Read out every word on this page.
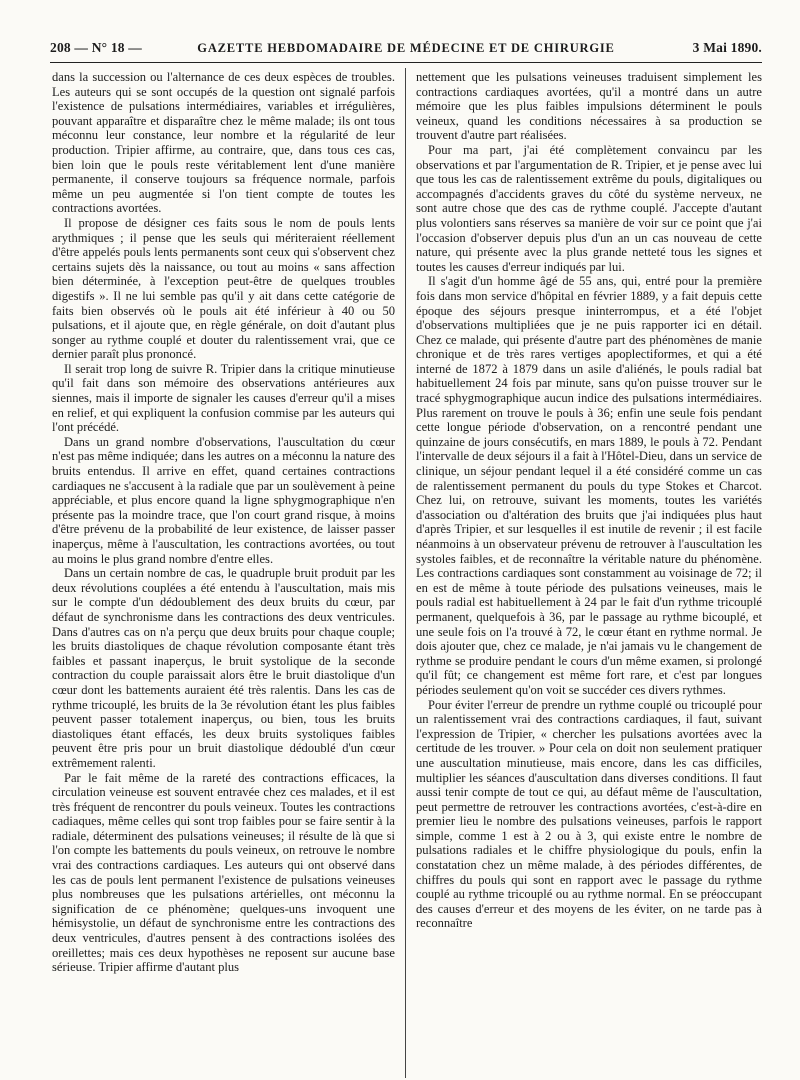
208 — N° 18 —	GAZETTE HEBDOMADAIRE DE MÉDECINE ET DE CHIRURGIE	3 Mai 1890.

dans la succession ou l'alternance de ces deux espèces de troubles. Les auteurs qui se sont occupés de la question ont signalé parfois l'existence de pulsations intermédiaires, variables et irrégulières, pouvant apparaître et disparaître chez le même malade; ils ont tous méconnu leur constance, leur nombre et la régularité de leur production. Tripier affirme, au contraire, que, dans tous ces cas, bien loin que le pouls reste véritablement lent d'une manière permanente, il conserve toujours sa fréquence normale, parfois même un peu augmentée si l'on tient compte de toutes les contractions avortées.

Il propose de désigner ces faits sous le nom de pouls lents arythmiques ; il pense que les seuls qui mériteraient réellement d'être appelés pouls lents permanents sont ceux qui s'observent chez certains sujets dès la naissance, ou tout au moins « sans affection bien déterminée, à l'exception peut-être de quelques troubles digestifs ». Il ne lui semble pas qu'il y ait dans cette catégorie de faits bien observés où le pouls ait été inférieur à 40 ou 50 pulsations, et il ajoute que, en règle générale, on doit d'autant plus songer au rythme couplé et douter du ralentissement vrai, que ce dernier paraît plus prononcé.

Il serait trop long de suivre R. Tripier dans la critique minutieuse qu'il fait dans son mémoire des observations antérieures aux siennes, mais il importe de signaler les causes d'erreur qu'il a mises en relief, et qui expliquent la confusion commise par les auteurs qui l'ont précédé.

Dans un grand nombre d'observations, l'auscultation du cœur n'est pas même indiquée; dans les autres on a méconnu la nature des bruits entendus. Il arrive en effet, quand certaines contractions cardiaques ne s'accusent à la radiale que par un soulèvement à peine appréciable, et plus encore quand la ligne sphygmographique n'en présente pas la moindre trace, que l'on court grand risque, à moins d'être prévenu de la probabilité de leur existence, de laisser passer inaperçus, même à l'auscultation, les contractions avortées, ou tout au moins le plus grand nombre d'entre elles.

Dans un certain nombre de cas, le quadruple bruit produit par les deux révolutions couplées a été entendu à l'auscultation, mais mis sur le compte d'un dédoublement des deux bruits du cœur, par défaut de synchronisme dans les contractions des deux ventricules. Dans d'autres cas on n'a perçu que deux bruits pour chaque couple; les bruits diastoliques de chaque révolution composante étant très faibles et passant inaperçus, le bruit systolique de la seconde contraction du couple paraissait alors être le bruit diastolique d'un cœur dont les battements auraient été très ralentis. Dans les cas de rythme tricouplé, les bruits de la 3e révolution étant les plus faibles peuvent passer totalement inaperçus, ou bien, tous les bruits diastoliques étant effacés, les deux bruits systoliques faibles peuvent être pris pour un bruit diastolique dédoublé d'un cœur extrêmement ralenti.

Par le fait même de la rareté des contractions efficaces, la circulation veineuse est souvent entravée chez ces malades, et il est très fréquent de rencontrer du pouls veineux. Toutes les contractions cadiaques, même celles qui sont trop faibles pour se faire sentir à la radiale, déterminent des pulsations veineuses; il résulte de là que si l'on compte les battements du pouls veineux, on retrouve le nombre vrai des contractions cardiaques. Les auteurs qui ont observé dans les cas de pouls lent permanent l'existence de pulsations veineuses plus nombreuses que les pulsations artérielles, ont méconnu la signification de ce phénomène; quelques-uns invoquent une hémisystolie, un défaut de synchronisme entre les contractions des deux ventricules, d'autres pensent à des contractions isolées des oreillettes; mais ces deux hypothèses ne reposent sur aucune base sérieuse. Tripier affirme d'autant plus

nettement que les pulsations veineuses traduisent simplement les contractions cardiaques avortées, qu'il a montré dans un autre mémoire que les plus faibles impulsions déterminent le pouls veineux, quand les conditions nécessaires à sa production se trouvent d'autre part réalisées.

Pour ma part, j'ai été complètement convaincu par les observations et par l'argumentation de R. Tripier, et je pense avec lui que tous les cas de ralentissement extrême du pouls, digitaliques ou accompagnés d'accidents graves du côté du système nerveux, ne sont autre chose que des cas de rythme couplé. J'accepte d'autant plus volontiers sans réserves sa manière de voir sur ce point que j'ai l'occasion d'observer depuis plus d'un an un cas nouveau de cette nature, qui présente avec la plus grande netteté tous les signes et toutes les causes d'erreur indiqués par lui.

Il s'agit d'un homme âgé de 55 ans, qui, entré pour la première fois dans mon service d'hôpital en février 1889, y a fait depuis cette époque des séjours presque ininterrompus, et a été l'objet d'observations multipliées que je ne puis rapporter ici en détail. Chez ce malade, qui présente d'autre part des phénomènes de manie chronique et de très rares vertiges apoplectiformes, et qui a été interné de 1872 à 1879 dans un asile d'aliénés, le pouls radial bat habituellement 24 fois par minute, sans qu'on puisse trouver sur le tracé sphygmographique aucun indice des pulsations intermédiaires. Plus rarement on trouve le pouls à 36; enfin une seule fois pendant cette longue période d'observation, on a rencontré pendant une quinzaine de jours consécutifs, en mars 1889, le pouls à 72. Pendant l'intervalle de deux séjours il a fait à l'Hôtel-Dieu, dans un service de clinique, un séjour pendant lequel il a été considéré comme un cas de ralentissement permanent du pouls du type Stokes et Charcot. Chez lui, on retrouve, suivant les moments, toutes les variétés d'association ou d'altération des bruits que j'ai indiquées plus haut d'après Tripier, et sur lesquelles il est inutile de revenir ; il est facile néanmoins à un observateur prévenu de retrouver à l'auscultation les systoles faibles, et de reconnaître la véritable nature du phénomène. Les contractions cardiaques sont constamment au voisinage de 72; il en est de même à toute période des pulsations veineuses, mais le pouls radial est habituellement à 24 par le fait d'un rythme tricouplé permanent, quelquefois à 36, par le passage au rythme bicouplé, et une seule fois on l'a trouvé à 72, le cœur étant en rythme normal. Je dois ajouter que, chez ce malade, je n'ai jamais vu le changement de rythme se produire pendant le cours d'un même examen, si prolongé qu'il fût; ce changement est même fort rare, et c'est par longues périodes seulement qu'on voit se succéder ces divers rythmes.

Pour éviter l'erreur de prendre un rythme couplé ou tricouplé pour un ralentissement vrai des contractions cardiaques, il faut, suivant l'expression de Tripier, « chercher les pulsations avortées avec la certitude de les trouver. » Pour cela on doit non seulement pratiquer une auscultation minutieuse, mais encore, dans les cas difficiles, multiplier les séances d'auscultation dans diverses conditions. Il faut aussi tenir compte de tout ce qui, au défaut même de l'auscultation, peut permettre de retrouver les contractions avortées, c'est-à-dire en premier lieu le nombre des pulsations veineuses, parfois le rapport simple, comme 1 est à 2 ou à 3, qui existe entre le nombre de pulsations radiales et le chiffre physiologique du pouls, enfin la constatation chez un même malade, à des périodes différentes, de chiffres du pouls qui sont en rapport avec le passage du rythme couplé au rythme tricouplé ou au rythme normal. En se préoccupant des causes d'erreur et des moyens de les éviter, on ne tarde pas à reconnaître
